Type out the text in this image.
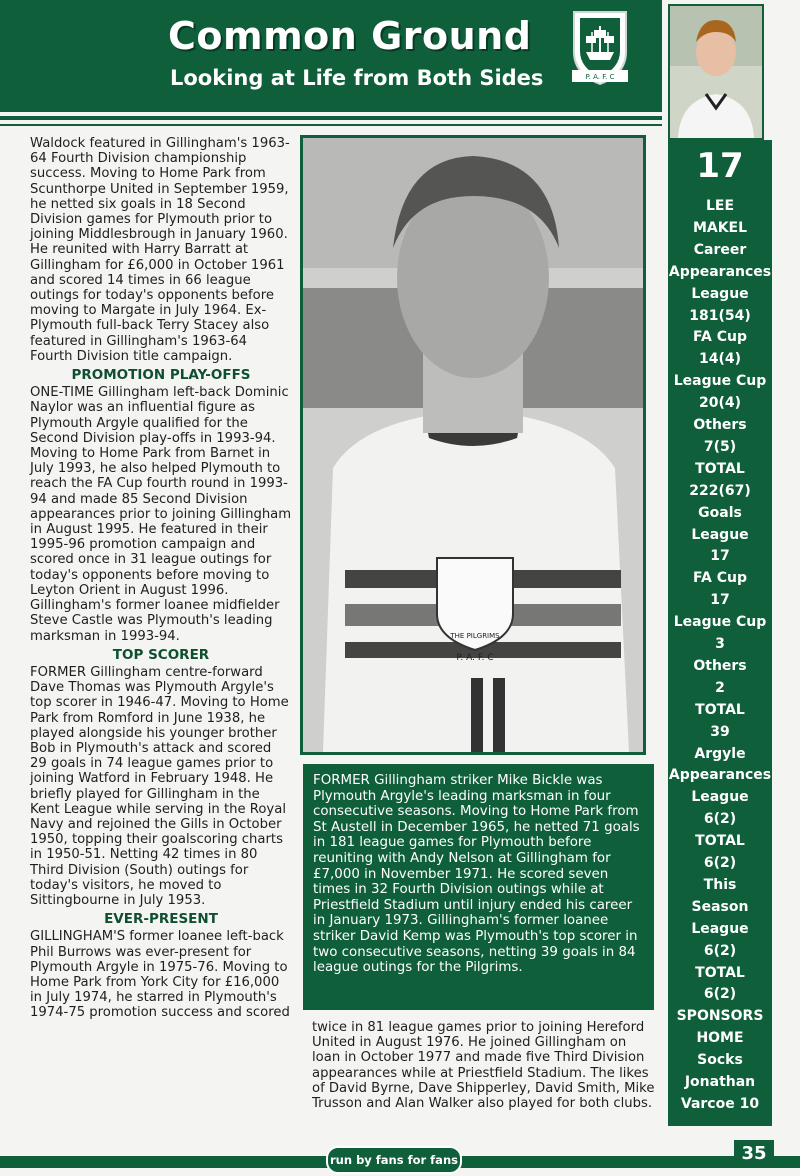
Common Ground
Looking at Life from Both Sides	P. A. F. C
17
LEE
MAKEL
Career
Appearances
League
181(54)
FA Cup
14(4)
League Cup
20(4)
Others
7(5)
TOTAL
222(67)
Goals
League
17
FA Cup
17
League Cup
3
Others
2
TOTAL
39
Argyle
Appearances
League
6(2)
TOTAL
6(2)
This
Season
League
6(2)
TOTAL
6(2)
SPONSORS
HOME
Socks
Jonathan
Varcoe 10

Waldock featured in Gillingham's 1963-64 Fourth Division championship success. Moving to Home Park from Scunthorpe United in September 1959, he netted six goals in 18 Second Division games for Plymouth prior to joining Middlesbrough in January 1960. He reunited with Harry Barratt at Gillingham for £6,000 in October 1961 and scored 14 times in 66 league outings for today's opponents before moving to Margate in July 1964. Ex-Plymouth full-back Terry Stacey also featured in Gillingham's 1963-64 Fourth Division title campaign.

PROMOTION PLAY-OFFS

ONE-TIME Gillingham left-back Dominic Naylor was an influential figure as Plymouth Argyle qualified for the Second Division play-offs in 1993-94. Moving to Home Park from Barnet in July 1993, he also helped Plymouth to reach the FA Cup fourth round in 1993-94 and made 85 Second Division appearances prior to joining Gillingham in August 1995. He featured in their 1995-96 promotion campaign and scored once in 31 league outings for today's opponents before moving to Leyton Orient in August 1996. Gillingham's former loanee midfielder Steve Castle was Plymouth's leading marksman in 1993-94.

TOP SCORER

FORMER Gillingham centre-forward Dave Thomas was Plymouth Argyle's top scorer in 1946-47. Moving to Home Park from Romford in June 1938, he played alongside his younger brother Bob in Plymouth's attack and scored 29 goals in 74 league games prior to joining Watford in February 1948. He briefly played for Gillingham in the Kent League while serving in the Royal Navy and rejoined the Gills in October 1950, topping their goalscoring charts in 1950-51. Netting 42 times in 80 Third Division (South) outings for today's visitors, he moved to Sittingbourne in July 1953.

EVER-PRESENT

GILLINGHAM'S former loanee left-back Phil Burrows was ever-present for Plymouth Argyle in 1975-76. Moving to Home Park from York City for £16,000 in July 1974, he starred in Plymouth's 1974-75 promotion success and scored

THE PILGRIMS
P. A. F. C

FORMER Gillingham striker Mike Bickle was Plymouth Argyle's leading marksman in four consecutive seasons. Moving to Home Park from St Austell in December 1965, he netted 71 goals in 181 league games for Plymouth before reuniting with Andy Nelson at Gillingham for £7,000 in November 1971. He scored seven times in 32 Fourth Division outings while at Priestfield Stadium until injury ended his career in January 1973. Gillingham's former loanee striker David Kemp was Plymouth's top scorer in two consecutive seasons, netting 39 goals in 84 league outings for the Pilgrims.

twice in 81 league games prior to joining Hereford United in August 1976. He joined Gillingham on loan in October 1977 and made five Third Division appearances while at Priestfield Stadium. The likes of David Byrne, Dave Shipperley, David Smith, Mike Trusson and Alan Walker also played for both clubs.

run by fans for fans	35
